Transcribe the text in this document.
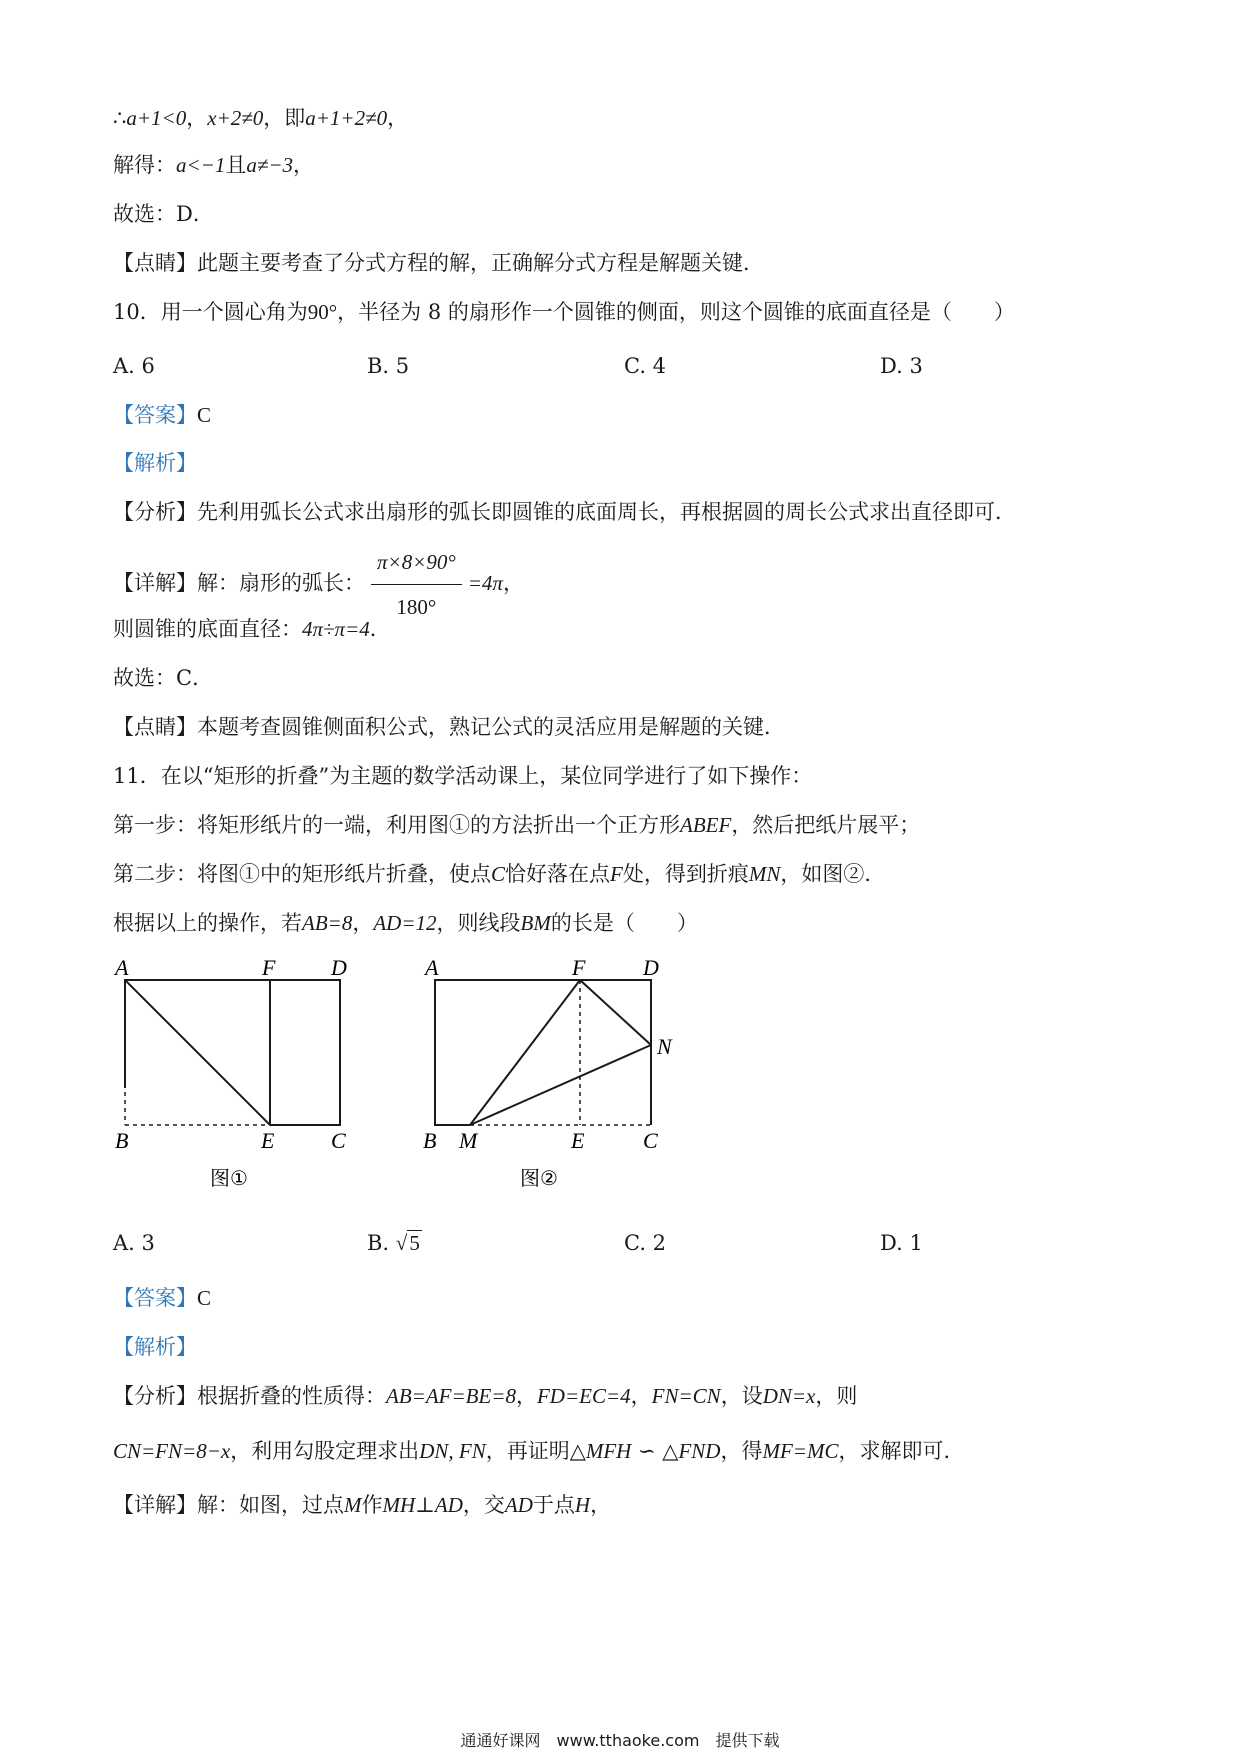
∴a+1<0，x+2≠0，即a+1+2≠0，
解得：a<−1且a≠−3，
故选：D．
【点睛】此题主要考查了分式方程的解，正确解分式方程是解题关键．
10．用一个圆心角为90°，半径为 8 的扇形作一个圆锥的侧面，则这个圆锥的底面直径是（　　）
A. 6	B. 5	C. 4	D. 3
【答案】C
【解析】
【分析】先利用弧长公式求出扇形的弧长即圆锥的底面周长，再根据圆的周长公式求出直径即可．
【详解】解：扇形的弧长： $\frac{\pi\times 8\times 90^\circ}{180^\circ} =4\pi$，
则圆锥的底面直径：4π÷π=4．
故选：C．
【点睛】本题考查圆锥侧面积公式，熟记公式的灵活应用是解题的关键．
11．在以“矩形的折叠”为主题的数学活动课上，某位同学进行了如下操作：
第一步：将矩形纸片的一端，利用图①的方法折出一个正方形ABEF，然后把纸片展平；
第二步：将图①中的矩形纸片折叠，使点C恰好落在点F处，得到折痕MN，如图②．
根据以上的操作，若AB=8，AD=12，则线段BM的长是（　　）
A	F	D
B	E	C
图①
A	F	D
N
B M	E	C
图②
A. 3	B. √5	C. 2	D. 1
【答案】C
【解析】
【分析】根据折叠的性质得：AB=AF=BE=8，FD=EC=4，FN=CN，设DN=x，则
CN=FN=8−x，利用勾股定理求出DN, FN，再证明△MFH ∽ △FND，得MF=MC，求解即可．
【详解】解：如图，过点M作MH⊥AD，交AD于点H，
通通好课网　www.tthaoke.com　提供下载
